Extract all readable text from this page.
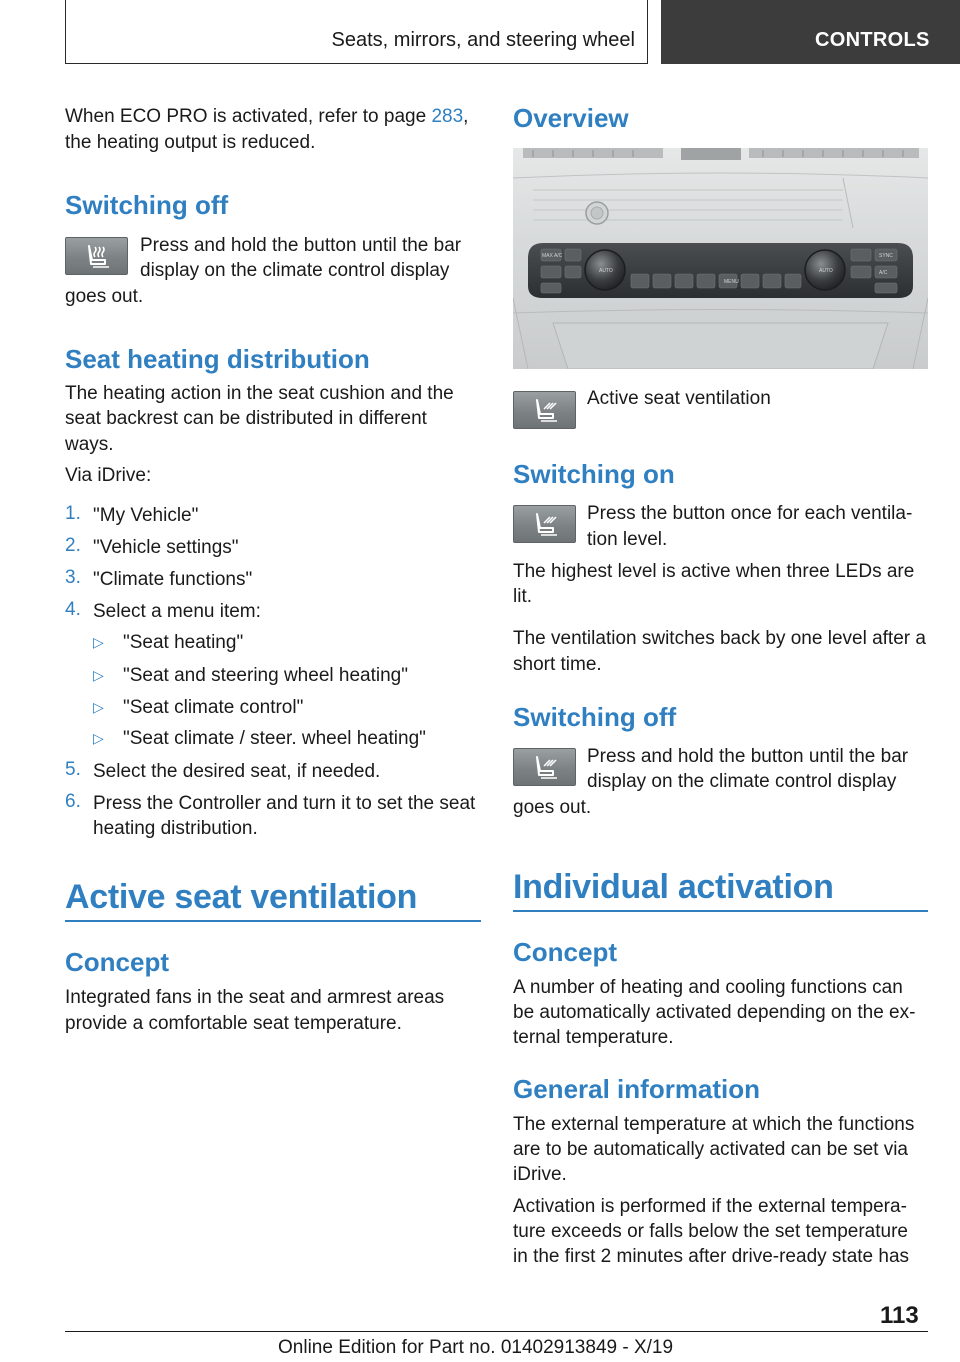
Seats, mirrors, and steering wheel	CONTROLS
When ECO PRO is activated, refer to page 283,
the heating output is reduced.
Switching off
Press and hold the button until the bar
display on the climate control display
goes out.
Seat heating distribution
The heating action in the seat cushion and the
seat backrest can be distributed in different
ways.
Via iDrive:
1. "My Vehicle"
2. "Vehicle settings"
3. "Climate functions"
4. Select a menu item:
▷ "Seat heating"
▷ "Seat and steering wheel heating"
▷ "Seat climate control"
▷ "Seat climate / steer. wheel heating"
5. Select the desired seat, if needed.
6. Press the Controller and turn it to set the seat
heating distribution.
Active seat ventilation
Concept
Integrated fans in the seat and armrest areas
provide a comfortable seat temperature.
Overview
MAX A/C
AUTO
MENU
AUTO
SYNC
A/C
Active seat ventilation
Switching on
Press the button once for each ventila-
tion level.
The highest level is active when three LEDs are
lit.
The ventilation switches back by one level after a
short time.
Switching off
Press and hold the button until the bar
display on the climate control display
goes out.
Individual activation
Concept
A number of heating and cooling functions can
be automatically activated depending on the ex-
ternal temperature.
General information
The external temperature at which the functions
are to be automatically activated can be set via
iDrive.
Activation is performed if the external tempera-
ture exceeds or falls below the set temperature
in the first 2 minutes after drive-ready state has
113
Online Edition for Part no. 01402913849 - X/19
